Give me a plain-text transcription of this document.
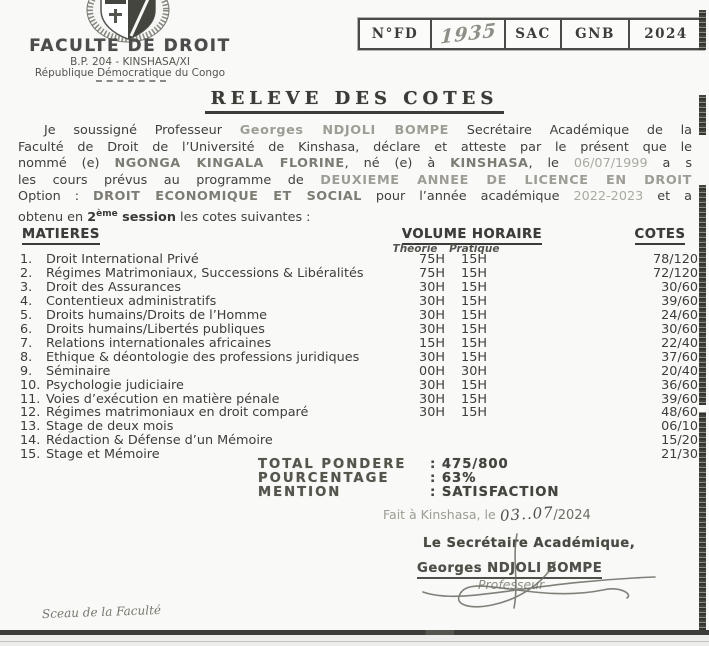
FACULTE DE DROIT
B.P. 204 - KINSHASA/XI
République Démocratique du Congo
N°FD	1935	SAC	GNB	2024
RELEVE DES COTES
Je soussigné Professeur Georges NDJOLI BOMPE Secrétaire Académique de la
Faculté de Droit de l’Université de Kinshasa, déclare et atteste par le présent que le
nommé (e) NGONGA KINGALA FLORINE, né (e) à KINSHASA, le 06/07/1999 a s
les cours prévus au programme de DEUXIEME ANNEE DE LICENCE EN DROIT
Option : DROIT ECONOMIQUE ET SOCIAL pour l’année académique 2022-2023 et a
obtenu en 2ème session les cotes suivantes :
MATIERES	VOLUME HORAIRE	COTES
Théorie Pratique
1.	Droit International Privé	75H	15H	78/120
2.	Régimes Matrimoniaux, Successions & Libéralités	75H	15H	72/120
3.	Droit des Assurances	30H	15H	30/60
4.	Contentieux administratifs	30H	15H	39/60
5.	Droits humains/Droits de l’Homme	30H	15H	24/60
6.	Droits humains/Libertés publiques	30H	15H	30/60
7.	Relations internationales africaines	15H	15H	22/40
8.	Ethique & déontologie des professions juridiques	30H	15H	37/60
9.	Séminaire	00H	30H	20/40
10. Psychologie judiciaire	30H	15H	36/60
11. Voies d’exécution en matière pénale	30H	15H	39/60
12. Régimes matrimoniaux en droit comparé	30H	15H	48/60
13. Stage de deux mois	06/10
14. Rédaction & Défense d’un Mémoire	15/20
15. Stage et Mémoire	21/30
TOTAL PONDERE : 475/800
POURCENTAGE	: 63%
MENTION	: SATISFACTION
Fait à Kinshasa, le 03..07/2024
Le Secrétaire Académique,
Georges NDJOLI BOMPE
Professeur
Sceau de la Faculté
